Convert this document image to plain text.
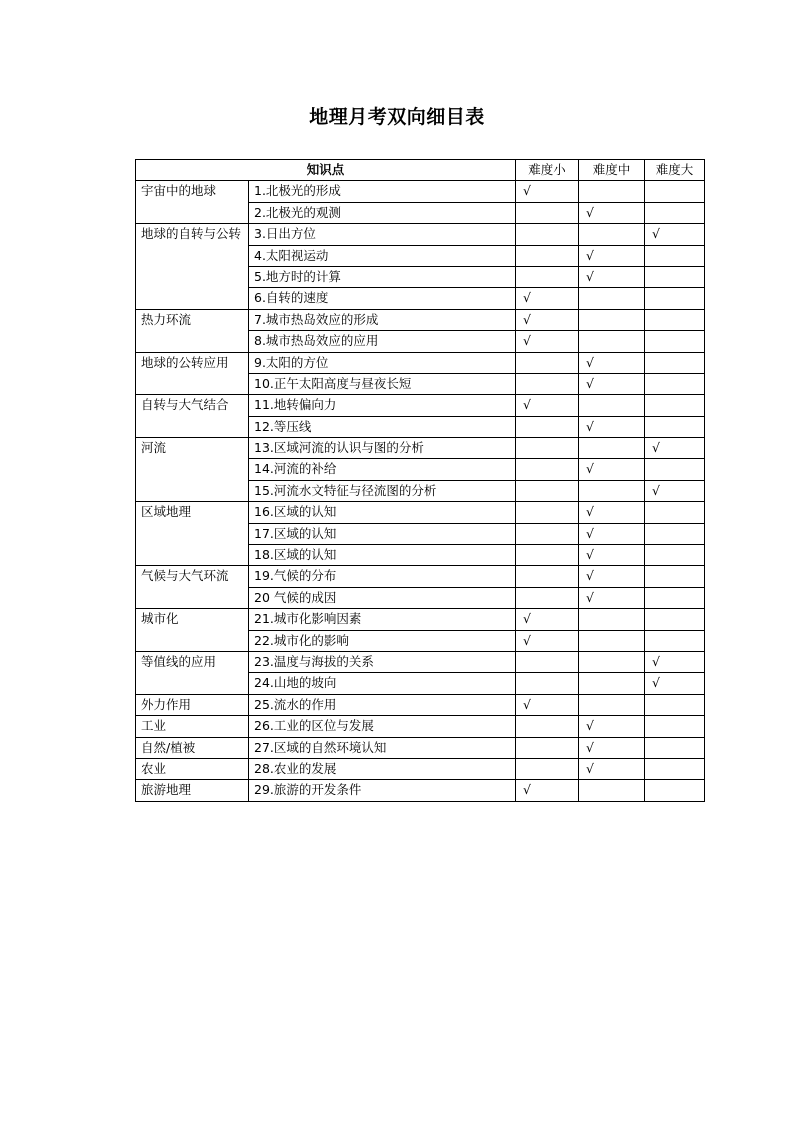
地理月考双向细目表
知识点		难度小	难度中	难度大
宇宙中的地球	1.北极光的形成	√		
	2.北极光的观测		√	
地球的自转与公转	3.日出方位			√
	4.太阳视运动		√	
	5.地方时的计算		√	
	6.自转的速度	√		
热力环流	7.城市热岛效应的形成	√		
	8.城市热岛效应的应用	√		
地球的公转应用	9.太阳的方位		√	
	10.正午太阳高度与昼夜长短		√	
自转与大气结合	11.地转偏向力	√		
	12.等压线		√	
河流	13.区域河流的认识与图的分析			√
	14.河流的补给		√	
	15.河流水文特征与径流图的分析			√
区域地理	16.区域的认知		√	
	17.区域的认知		√	
	18.区域的认知		√	
气候与大气环流	19.气候的分布		√	
	20 气候的成因		√	
城市化	21.城市化影响因素	√		
	22.城市化的影响	√		
等值线的应用	23.温度与海拔的关系			√
	24.山地的坡向			√
外力作用	25.流水的作用	√		
工业	26.工业的区位与发展		√	
自然/植被	27.区域的自然环境认知		√	
农业	28.农业的发展		√	
旅游地理	29.旅游的开发条件	√		
